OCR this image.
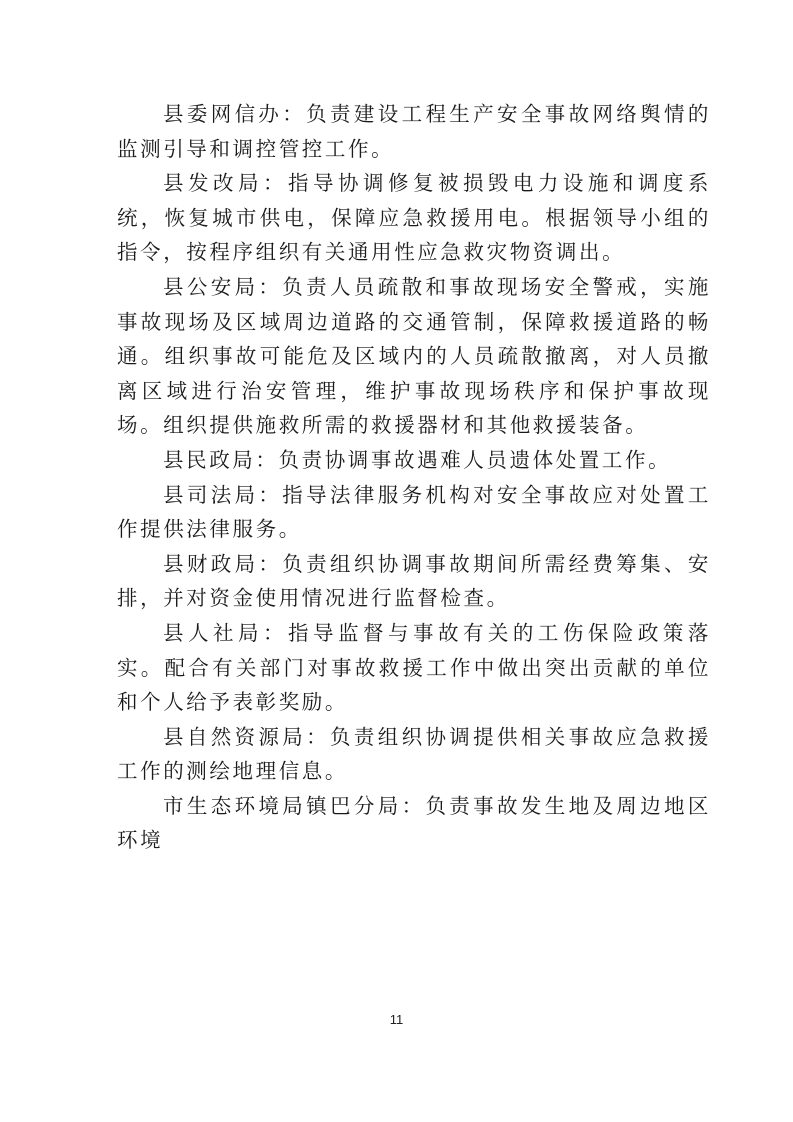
县委网信办：负责建设工程生产安全事故网络舆情的监测引导和调控管控工作。

县发改局：指导协调修复被损毁电力设施和调度系统，恢复城市供电，保障应急救援用电。根据领导小组的指令，按程序组织有关通用性应急救灾物资调出。

县公安局：负责人员疏散和事故现场安全警戒，实施事故现场及区域周边道路的交通管制，保障救援道路的畅通。组织事故可能危及区域内的人员疏散撤离，对人员撤离区域进行治安管理，维护事故现场秩序和保护事故现场。组织提供施救所需的救援器材和其他救援装备。

县民政局：负责协调事故遇难人员遗体处置工作。

县司法局：指导法律服务机构对安全事故应对处置工作提供法律服务。

县财政局：负责组织协调事故期间所需经费筹集、安排，并对资金使用情况进行监督检查。

县人社局：指导监督与事故有关的工伤保险政策落实。配合有关部门对事故救援工作中做出突出贡献的单位和个人给予表彰奖励。

县自然资源局：负责组织协调提供相关事故应急救援工作的测绘地理信息。

市生态环境局镇巴分局：负责事故发生地及周边地区环境

11
